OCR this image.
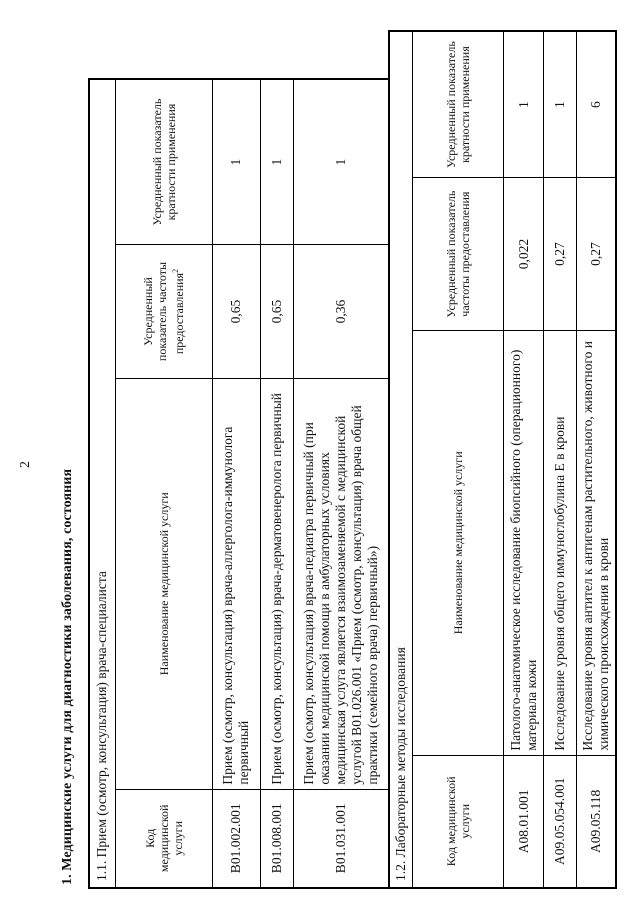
2
1. Медицинские услуги для диагностики заболевания, состояния 1.1. Прием (осмотр, консультация) врача-специалиста			
Код медицинской услуги	Наименование медицинской услуги	Усредненный показатель частоты предоставления$^2$	Усредненный показатель кратности применения
B01.002.001	Прием (осмотр, консультация) врача-аллерголога-иммунолога первичный	0,65	1
B01.008.001	Прием (осмотр, консультация) врача-дерматовенеролога первичный	0,65	1
B01.031.001	Прием (осмотр, консультация) врача-педиатра первичный (при оказании медицинской помощи в амбулаторных условиях медицинская услуга является взаимозаменяемой с медицинской услугой B01.026.001 «Прием (осмотр, консультация) врача общей практики (семейного врача) первичный»)	0,36	1
1.2. Лабораторные методы исследования			
Код медицинской услуги	Наименование медицинской услуги	Усредненный показатель частоты предоставления	Усредненный показатель кратности применения
A08.01.001	Патолого-анатомическое исследование биопсийного (операционного) материала кожи	0,022	1
A09.05.054.001	Исследование уровня общего иммуноглобулина E в крови	0,27	1
A09.05.118	Исследование уровня антител к антигенам растительного, животного и химического происхождения в крови	0,27	6
